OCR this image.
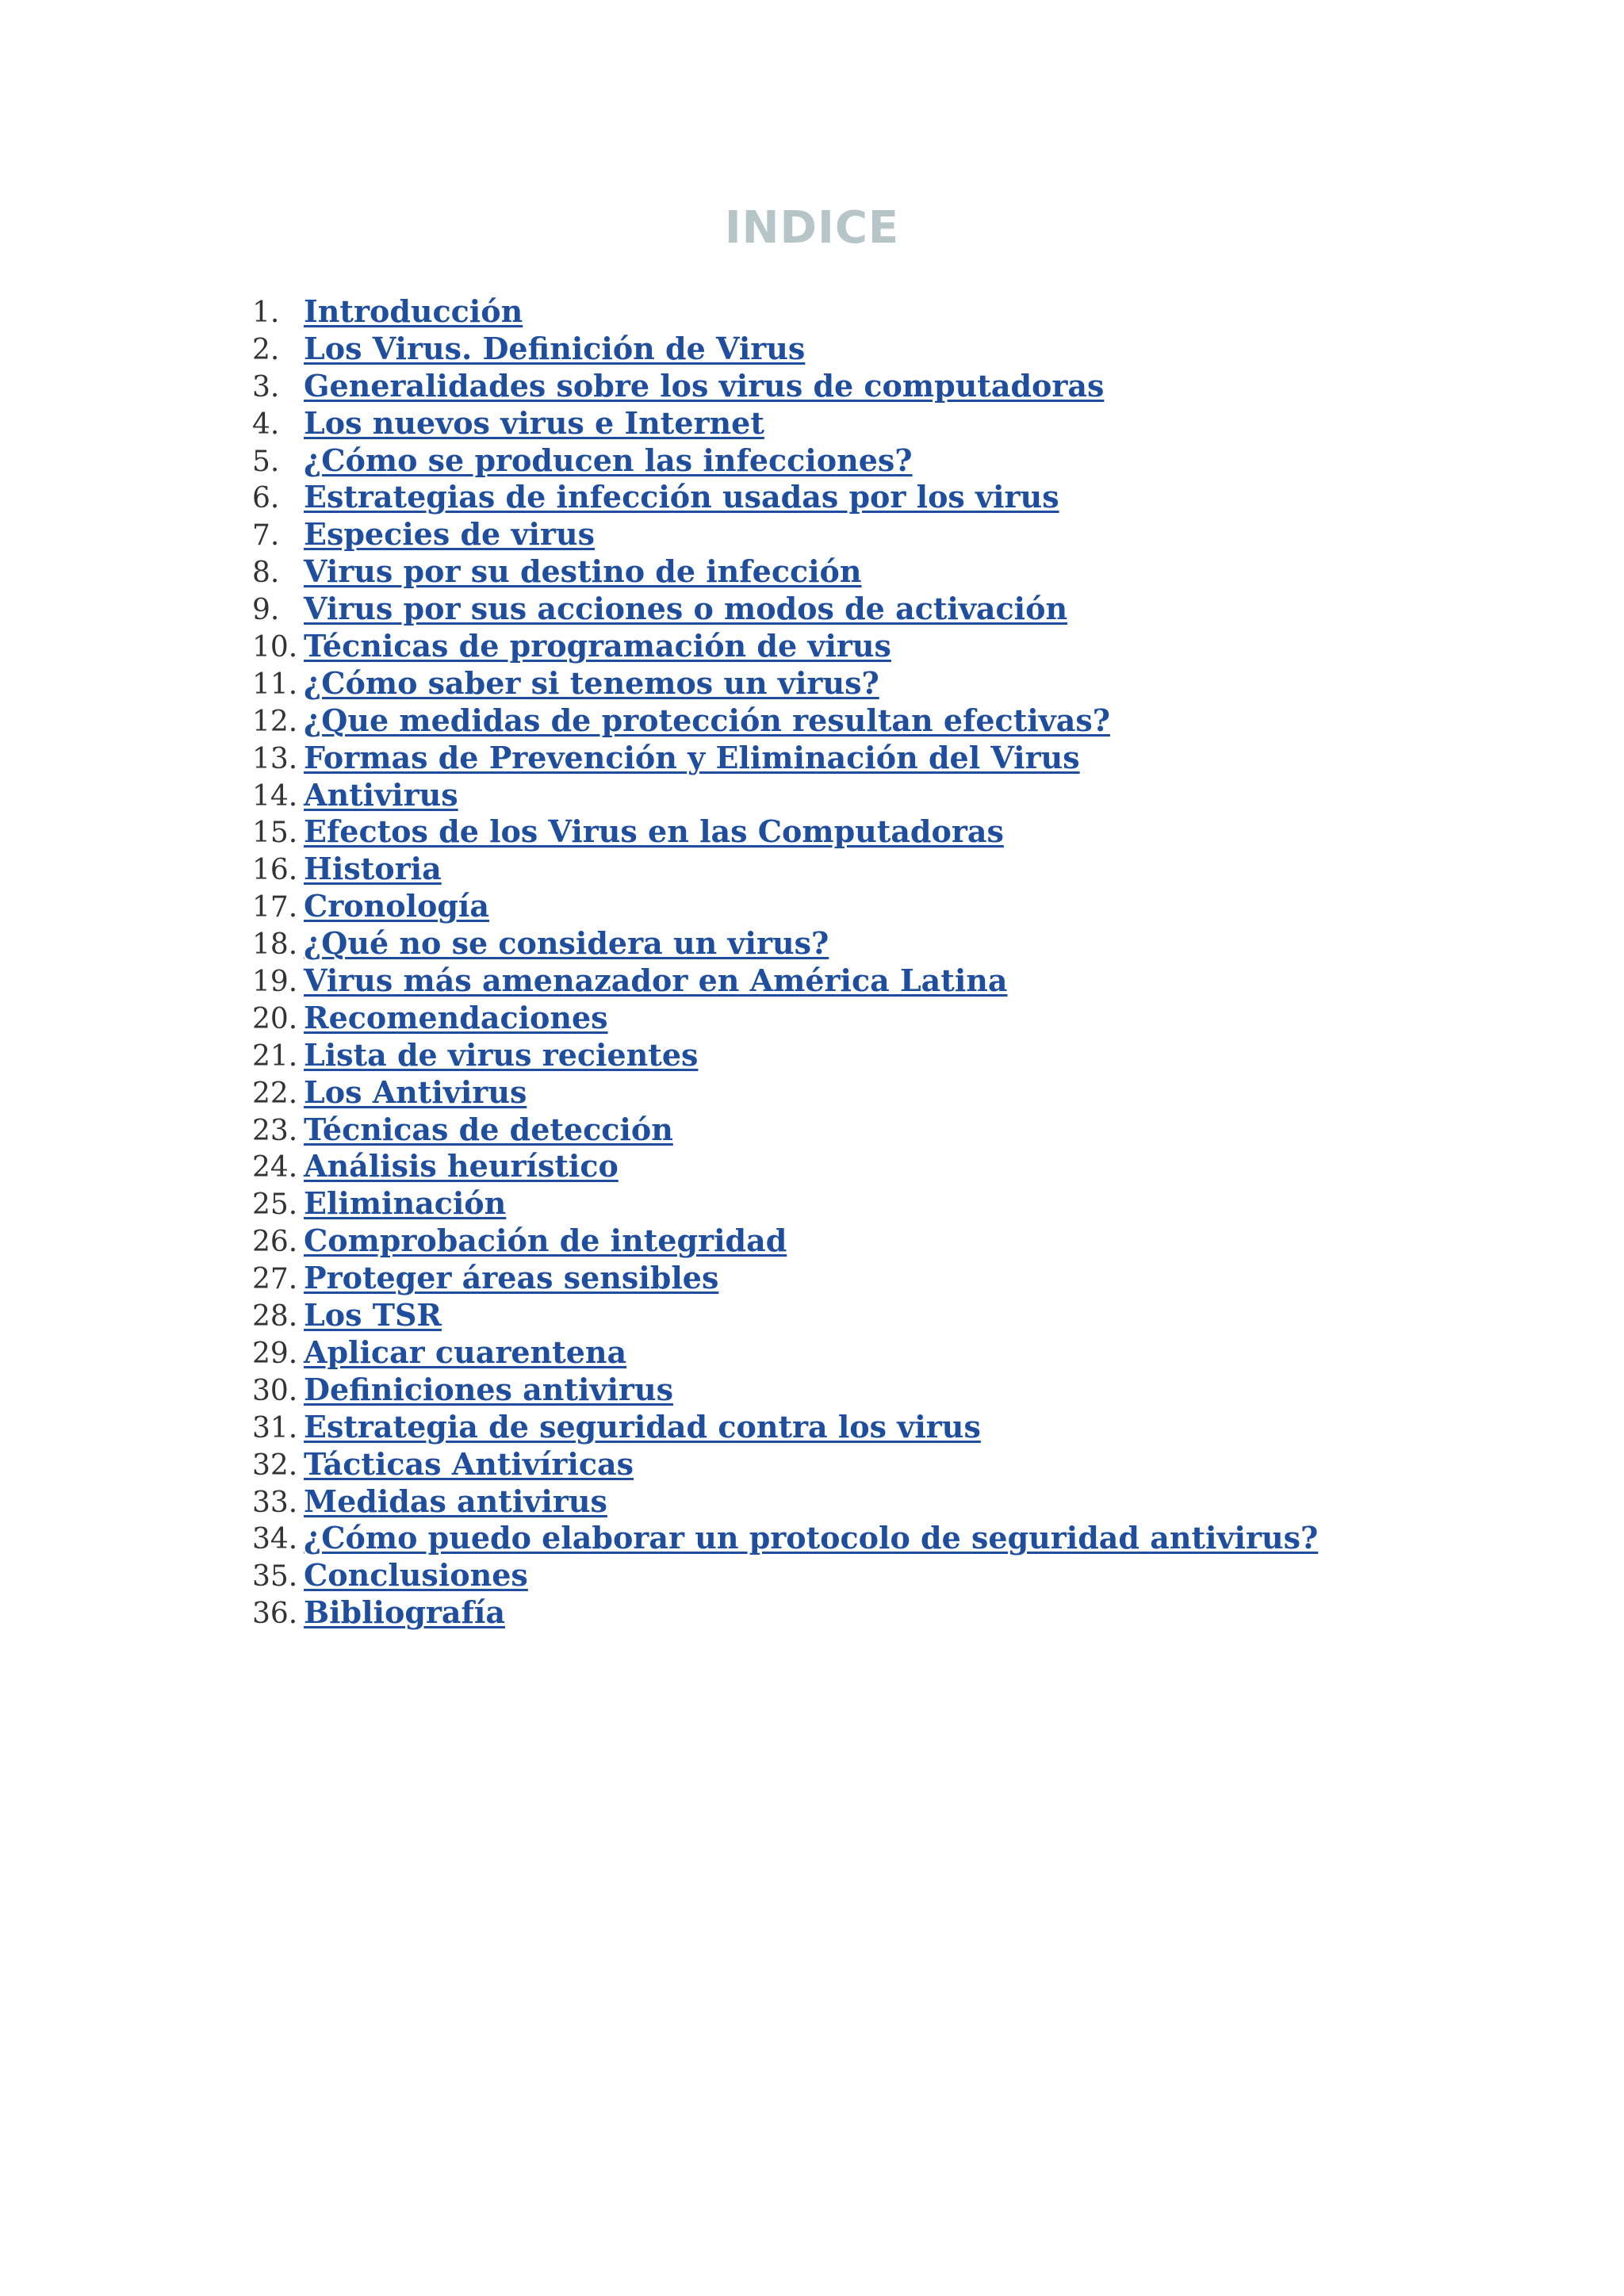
INDICE
1. Introducción
2. Los Virus. Definición de Virus
3. Generalidades sobre los virus de computadoras
4. Los nuevos virus e Internet
5. ¿Cómo se producen las infecciones?
6. Estrategias de infección usadas por los virus
7. Especies de virus
8. Virus por su destino de infección
9. Virus por sus acciones o modos de activación
10. Técnicas de programación de virus
11. ¿Cómo saber si tenemos un virus?
12. ¿Que medidas de protección resultan efectivas?
13. Formas de Prevención y Eliminación del Virus
14. Antivirus
15. Efectos de los Virus en las Computadoras
16. Historia
17. Cronología
18. ¿Qué no se considera un virus?
19. Virus más amenazador en América Latina
20. Recomendaciones
21. Lista de virus recientes
22. Los Antivirus
23. Técnicas de detección
24. Análisis heurístico
25. Eliminación
26. Comprobación de integridad
27. Proteger áreas sensibles
28. Los TSR
29. Aplicar cuarentena
30. Definiciones antivirus
31. Estrategia de seguridad contra los virus
32. Tácticas Antivíricas
33. Medidas antivirus
34. ¿Cómo puedo elaborar un protocolo de seguridad antivirus?
35. Conclusiones
36. Bibliografía
